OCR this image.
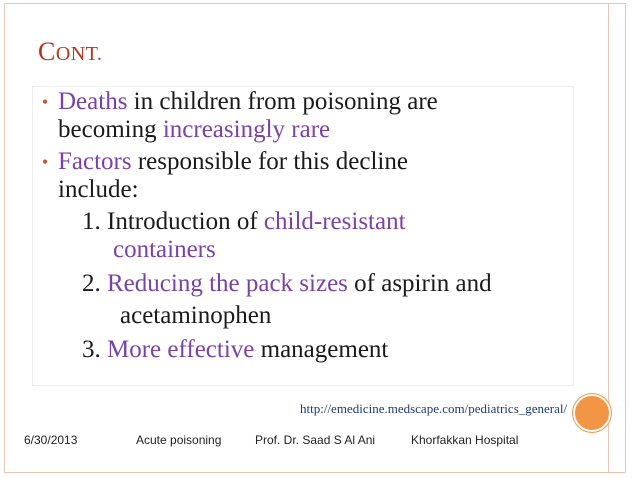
CONT.
• Deaths in children from poisoning are
becoming increasingly rare
• Factors responsible for this decline
include:
1. Introduction of child-resistant
containers
2. Reducing the pack sizes of aspirin and
acetaminophen
3. More effective management
http://emedicine.medscape.com/pediatrics_general/
6/30/2013	Acute poisoning	Prof. Dr. Saad S Al Ani	Khorfakkan Hospital
